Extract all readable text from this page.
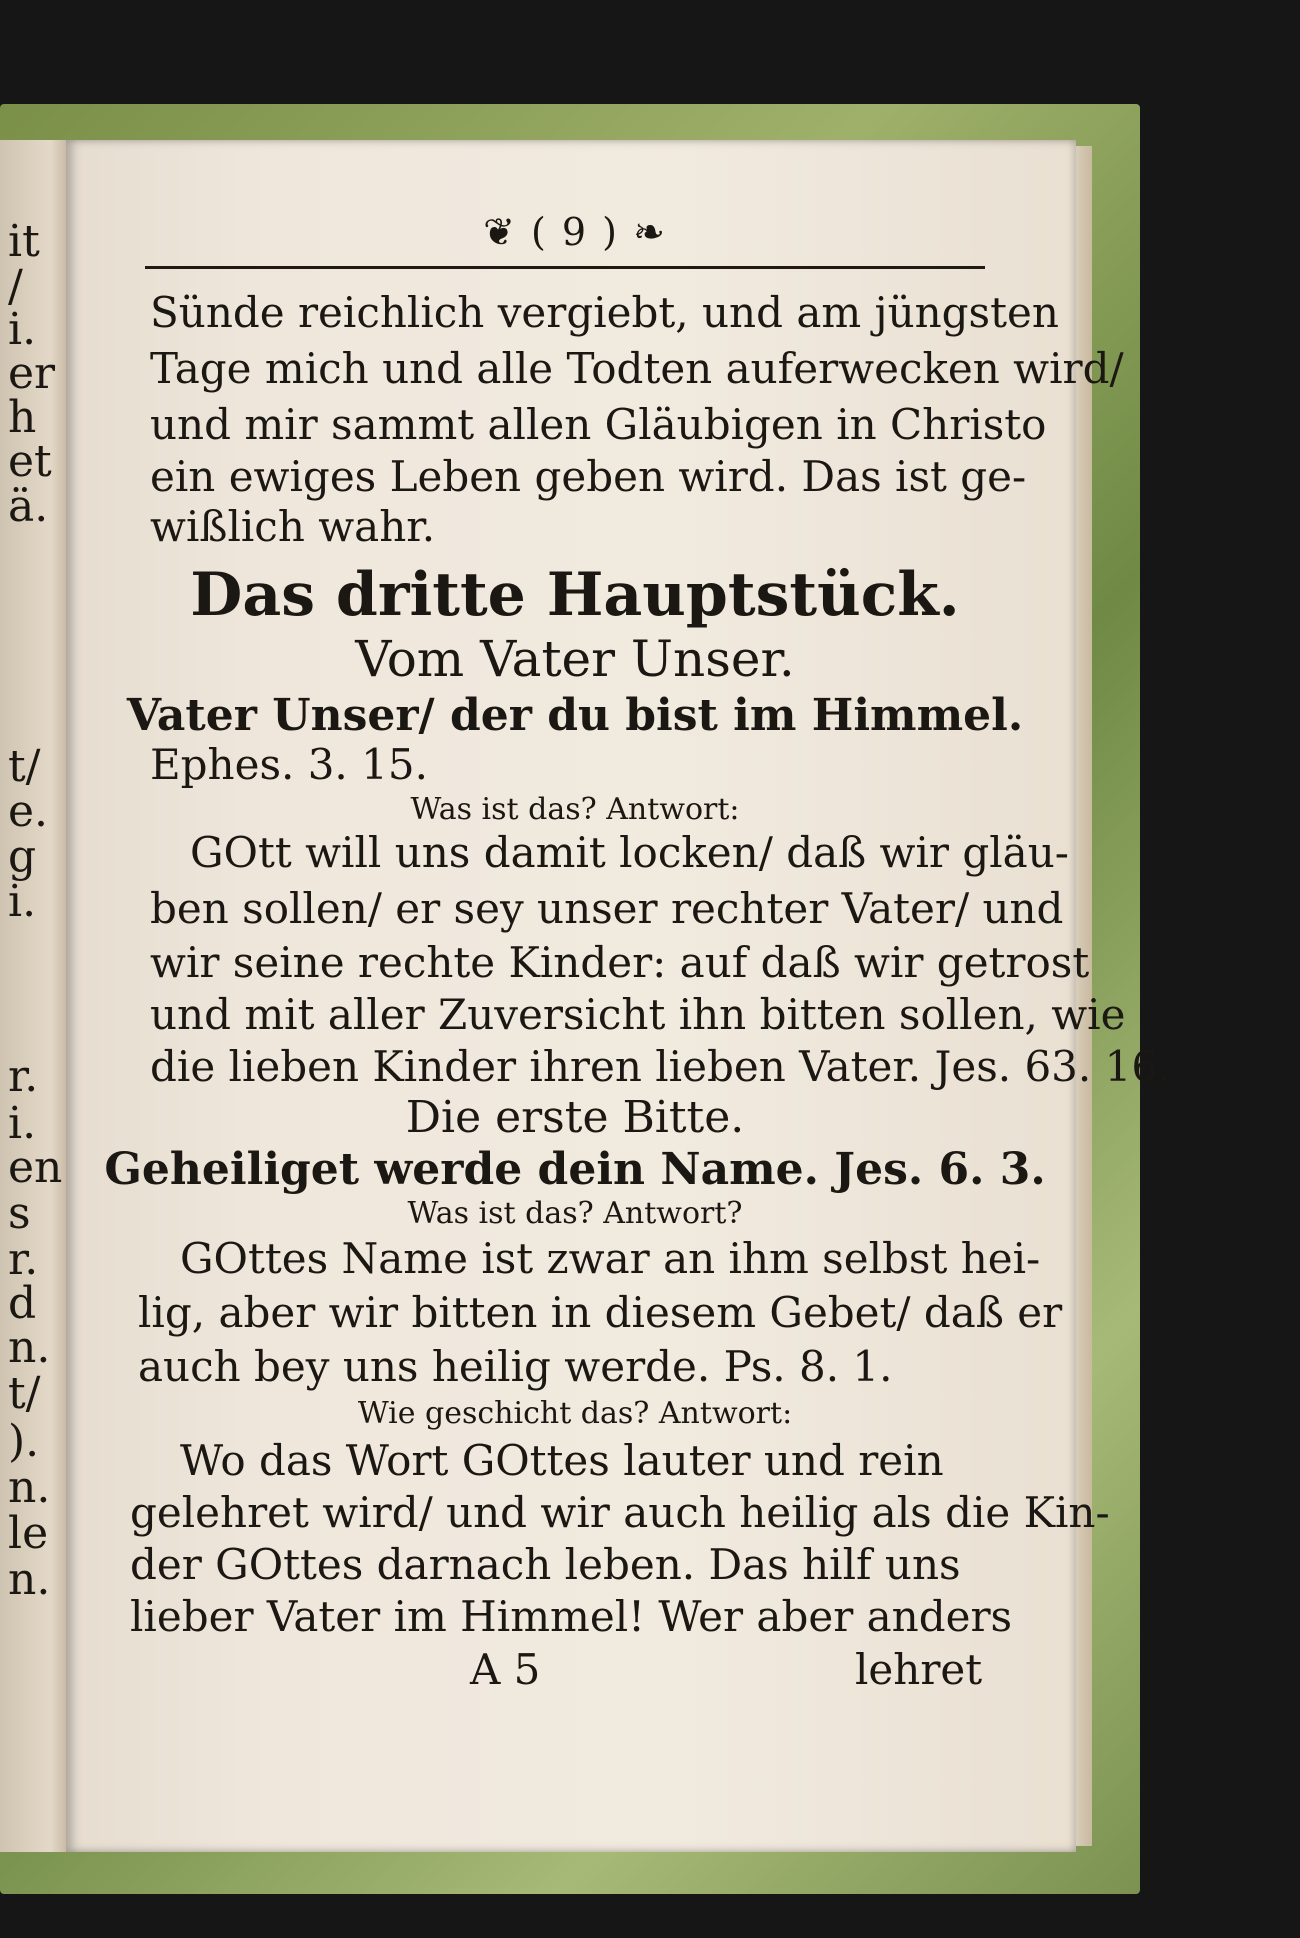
it
/
i.
er
h
et
ä.
t/
e.
g
i.
r.
i.
en
s
r.
d
n.
t/
).
n.
le
n.
❦ ( 9 ) ❧
Sünde reichlich vergiebt, und am jüngsten
Tage mich und alle Todten auferwecken wird/
und mir sammt allen Gläubigen in Christo
ein ewiges Leben geben wird. Das ist ge-
wißlich wahr.
Das dritte Hauptstück.
Vom Vater Unser.
Vater Unser/ der du bist im Himmel.
Ephes. 3. 15.
Was ist das? Antwort:
GOtt will uns damit locken/ daß wir gläu-
ben sollen/ er sey unser rechter Vater/ und
wir seine rechte Kinder: auf daß wir getrost
und mit aller Zuversicht ihn bitten sollen, wie
die lieben Kinder ihren lieben Vater. Jes. 63. 16.
Die erste Bitte.
Geheiliget werde dein Name. Jes. 6. 3.
Was ist das? Antwort?
GOttes Name ist zwar an ihm selbst hei-
lig, aber wir bitten in diesem Gebet/ daß er
auch bey uns heilig werde. Ps. 8. 1.
Wie geschicht das? Antwort:
Wo das Wort GOttes lauter und rein
gelehret wird/ und wir auch heilig als die Kin-
der GOttes darnach leben. Das hilf uns
lieber Vater im Himmel! Wer aber anders
A 5	lehret
